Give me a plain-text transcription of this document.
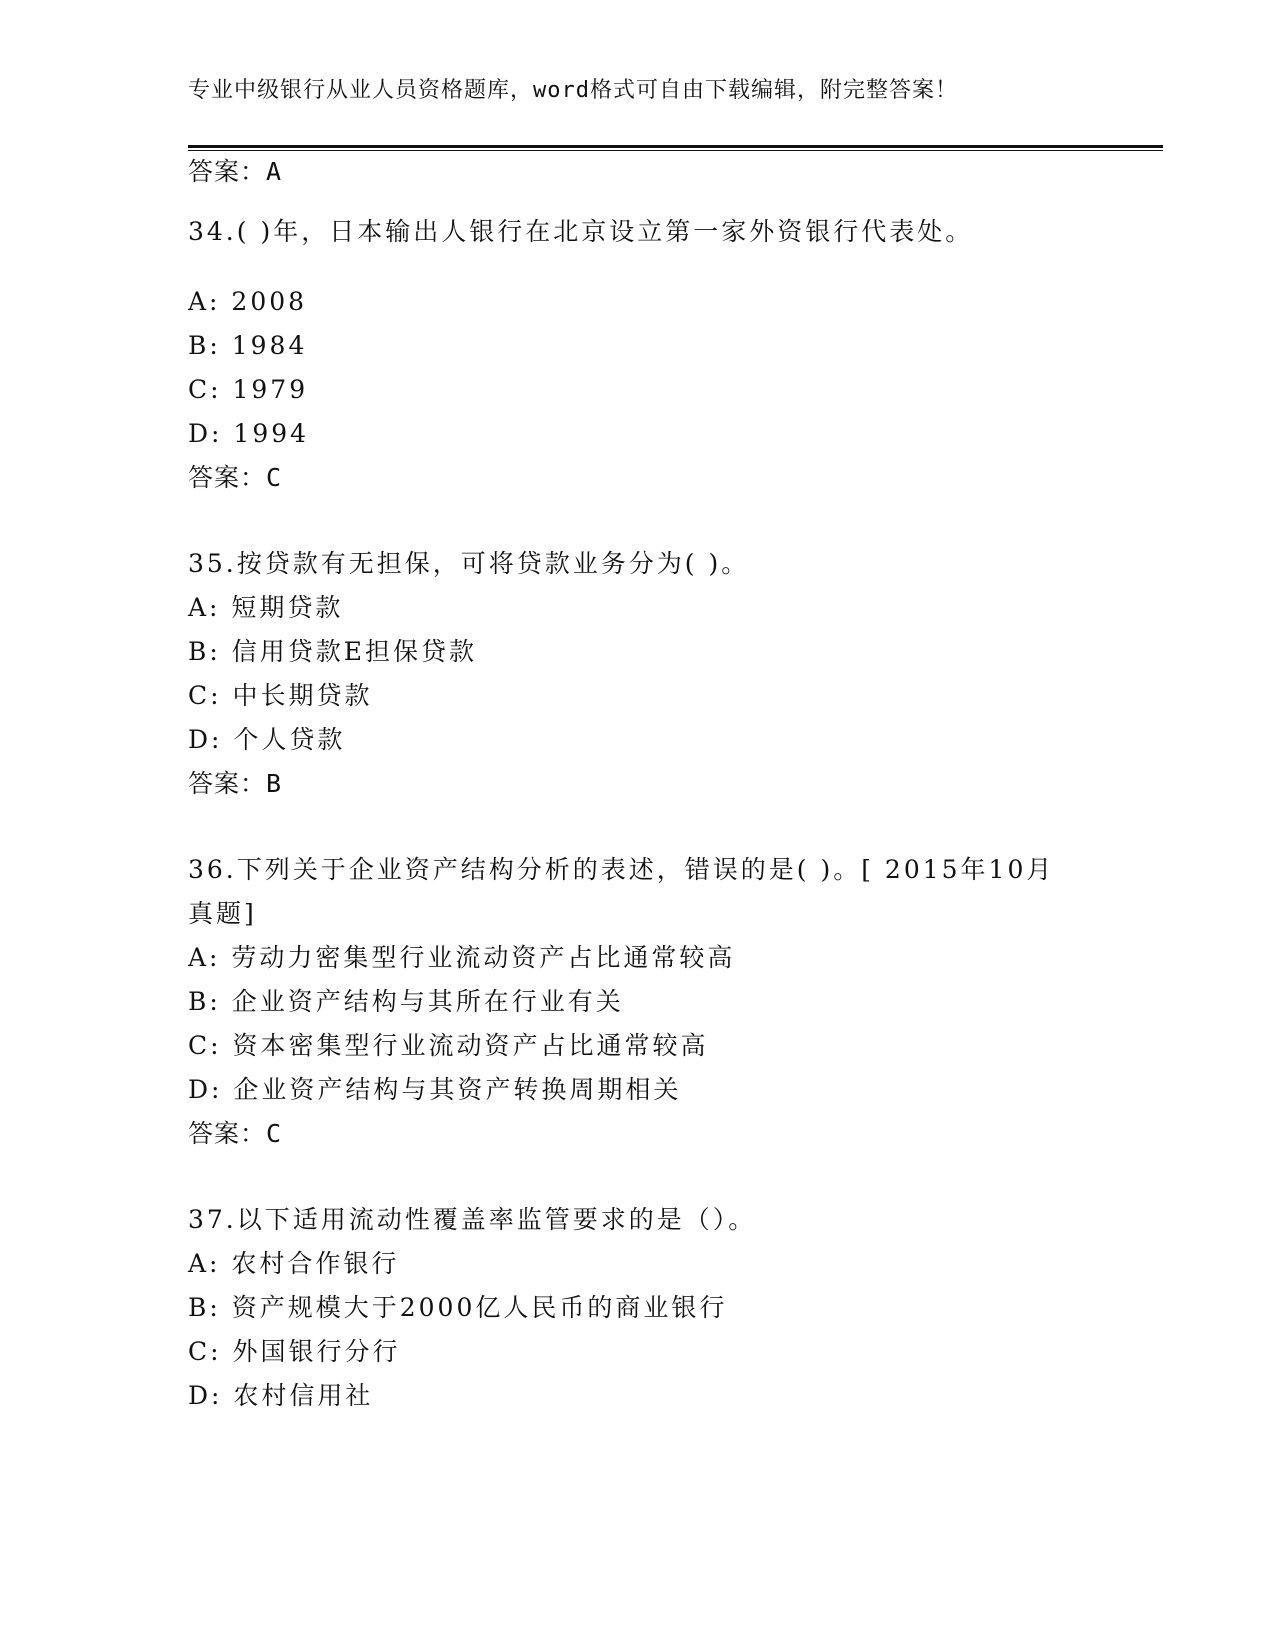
专业中级银行从业人员资格题库，word格式可自由下载编辑，附完整答案！
答案：A
34.( )年，日本输出人银行在北京设立第一家外资银行代表处。
A: 2008
B: 1984
C: 1979
D: 1994
答案：C
35.按贷款有无担保，可将贷款业务分为( )。
A: 短期贷款
B: 信用贷款E担保贷款
C: 中长期贷款
D: 个人贷款
答案：B
36.下列关于企业资产结构分析的表述，错误的是( )。[ 2015年10月
真题]
A: 劳动力密集型行业流动资产占比通常较高
B: 企业资产结构与其所在行业有关
C: 资本密集型行业流动资产占比通常较高
D: 企业资产结构与其资产转换周期相关
答案：C
37.以下适用流动性覆盖率监管要求的是（）。
A: 农村合作银行
B: 资产规模大于2000亿人民币的商业银行
C: 外国银行分行
D: 农村信用社
